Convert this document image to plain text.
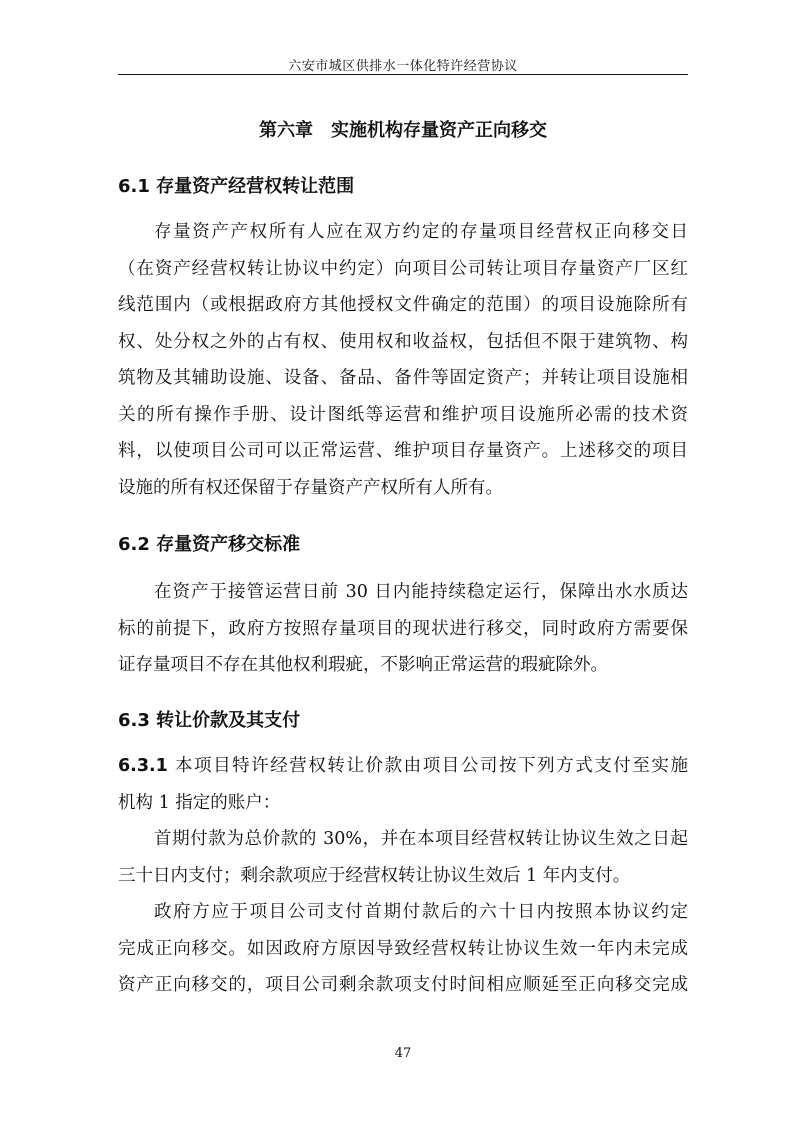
六安市城区供排水一体化特许经营协议
第六章 实施机构存量资产正向移交
6.1 存量资产经营权转让范围
存量资产产权所有人应在双方约定的存量项目经营权正向移交日
（在资产经营权转让协议中约定）向项目公司转让项目存量资产厂区红
线范围内（或根据政府方其他授权文件确定的范围）的项目设施除所有
权、处分权之外的占有权、使用权和收益权，包括但不限于建筑物、构
筑物及其辅助设施、设备、备品、备件等固定资产；并转让项目设施相
关的所有操作手册、设计图纸等运营和维护项目设施所必需的技术资
料，以使项目公司可以正常运营、维护项目存量资产。上述移交的项目
设施的所有权还保留于存量资产产权所有人所有。
6.2 存量资产移交标准
在资产于接管运营日前 30 日内能持续稳定运行，保障出水水质达
标的前提下，政府方按照存量项目的现状进行移交，同时政府方需要保
证存量项目不存在其他权利瑕疵，不影响正常运营的瑕疵除外。
6.3 转让价款及其支付
6.3.1 本项目特许经营权转让价款由项目公司按下列方式支付至实施
机构 1 指定的账户：
首期付款为总价款的 30%，并在本项目经营权转让协议生效之日起
三十日内支付；剩余款项应于经营权转让协议生效后 1 年内支付。
政府方应于项目公司支付首期付款后的六十日内按照本协议约定
完成正向移交。如因政府方原因导致经营权转让协议生效一年内未完成
资产正向移交的，项目公司剩余款项支付时间相应顺延至正向移交完成
47
